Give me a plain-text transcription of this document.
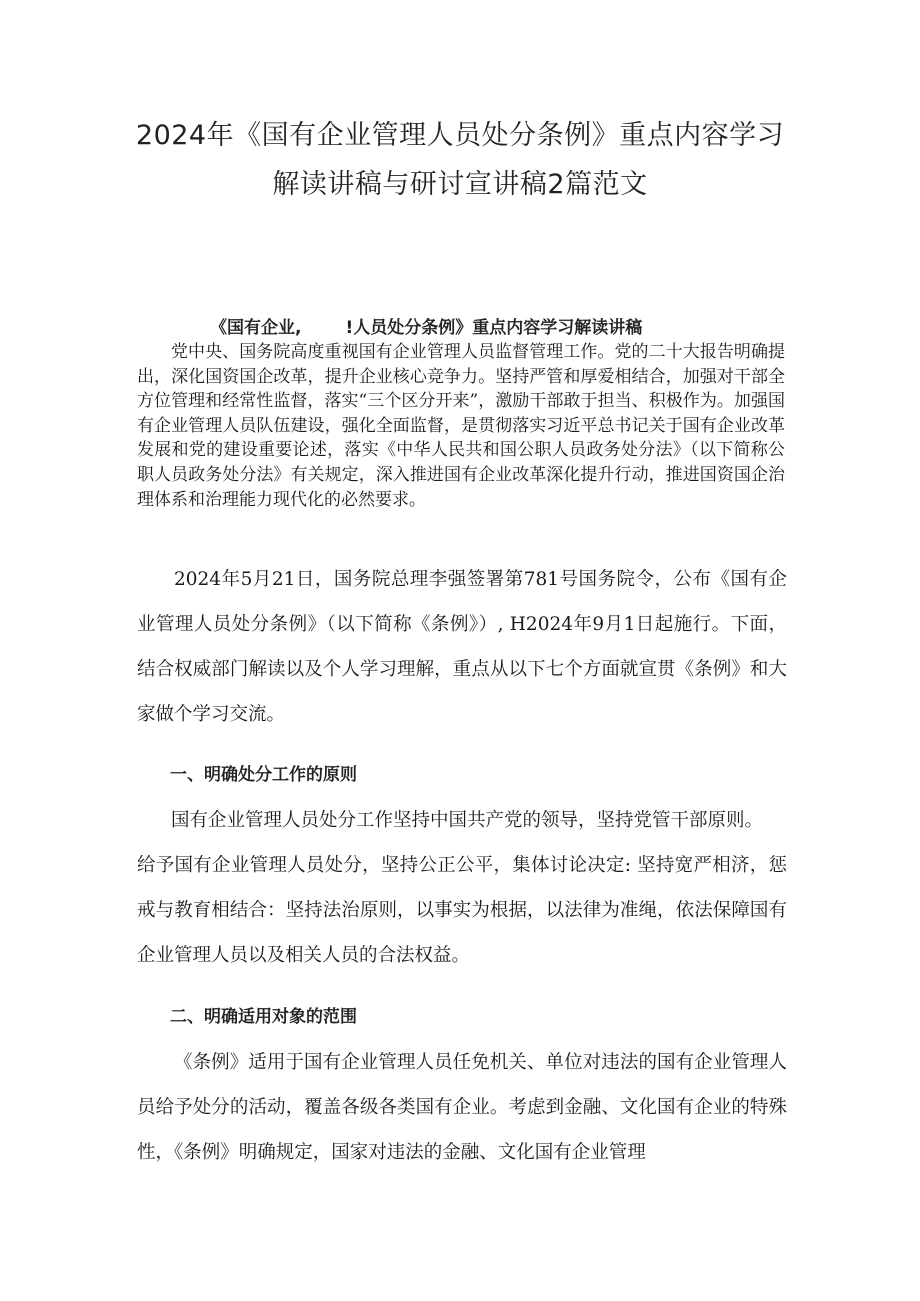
2024年《国有企业管理人员处分条例》重点内容学习
解读讲稿与研讨宣讲稿2篇范文
《国有企业,	!人员处分条例》重点内容学习解读讲稿

党中央、国务院高度重视国有企业管理人员监督管理工作。党的二十大报告明确提出，深化国资国企改革，提升企业核心竞争力。坚持严管和厚爱相结合，加强对干部全方位管理和经常性监督，落实“三个区分开来”，激励干部敢于担当、积极作为。加强国有企业管理人员队伍建设，强化全面监督，是贯彻落实习近平总书记关于国有企业改革发展和党的建设重要论述，落实《中华人民共和国公职人员政务处分法》（以下简称公职人员政务处分法》有关规定，深入推进国有企业改革深化提升行动，推进国资国企治理体系和治理能力现代化的必然要求。

2024年5月21日，国务院总理李强签署第781号国务院令，公布《国有企业管理人员处分条例》（以下简称《条例》）, H2024年9月1日起施行。下面，结合权威部门解读以及个人学习理解，重点从以下七个方面就宣贯《条例》和大家做个学习交流。

一、明确处分工作的原则
国有企业管理人员处分工作坚持中国共产党的领导，坚持党管干部原则。
给予国有企业管理人员处分，坚持公正公平，集体讨论决定: 坚持宽严相济，惩戒与教育相结合：坚持法治原则，以事实为根据，以法律为准绳，依法保障国有企业管理人员以及相关人员的合法权益。
二、明确适用对象的范围

《条例》适用于国有企业管理人员任免机关、单位对违法的国有企业管理人员给予处分的活动，覆盖各级各类国有企业。考虑到金融、文化国有企业的特殊性，《条例》明确规定，国家对违法的金融、文化国有企业管理
